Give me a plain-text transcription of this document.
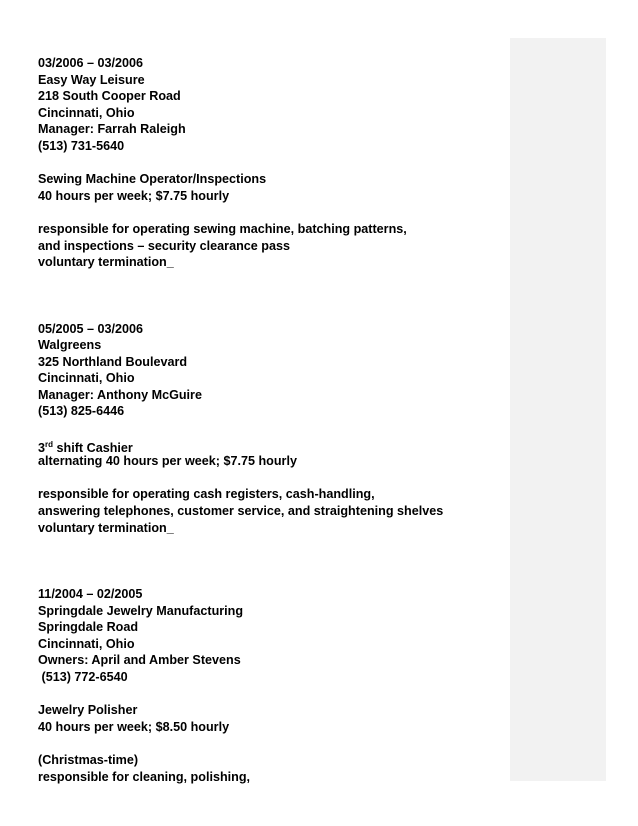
03/2006 – 03/2006
Easy Way Leisure
218 South Cooper Road
Cincinnati, Ohio
Manager: Farrah Raleigh
(513) 731-5640
Sewing Machine Operator/Inspections
40 hours per week; $7.75 hourly
responsible for operating sewing machine, batching patterns,
and inspections – security clearance pass
voluntary termination_
05/2005 – 03/2006
Walgreens
325 Northland Boulevard
Cincinnati, Ohio
Manager: Anthony McGuire
(513) 825-6446
3rd shift Cashier
alternating 40 hours per week; $7.75 hourly
responsible for operating cash registers, cash-handling,
answering telephones, customer service, and straightening shelves
voluntary termination_
11/2004 – 02/2005
Springdale Jewelry Manufacturing
Springdale Road
Cincinnati, Ohio
Owners: April and Amber Stevens
(513) 772-6540
Jewelry Polisher
40 hours per week; $8.50 hourly
(Christmas-time)
responsible for cleaning, polishing,
